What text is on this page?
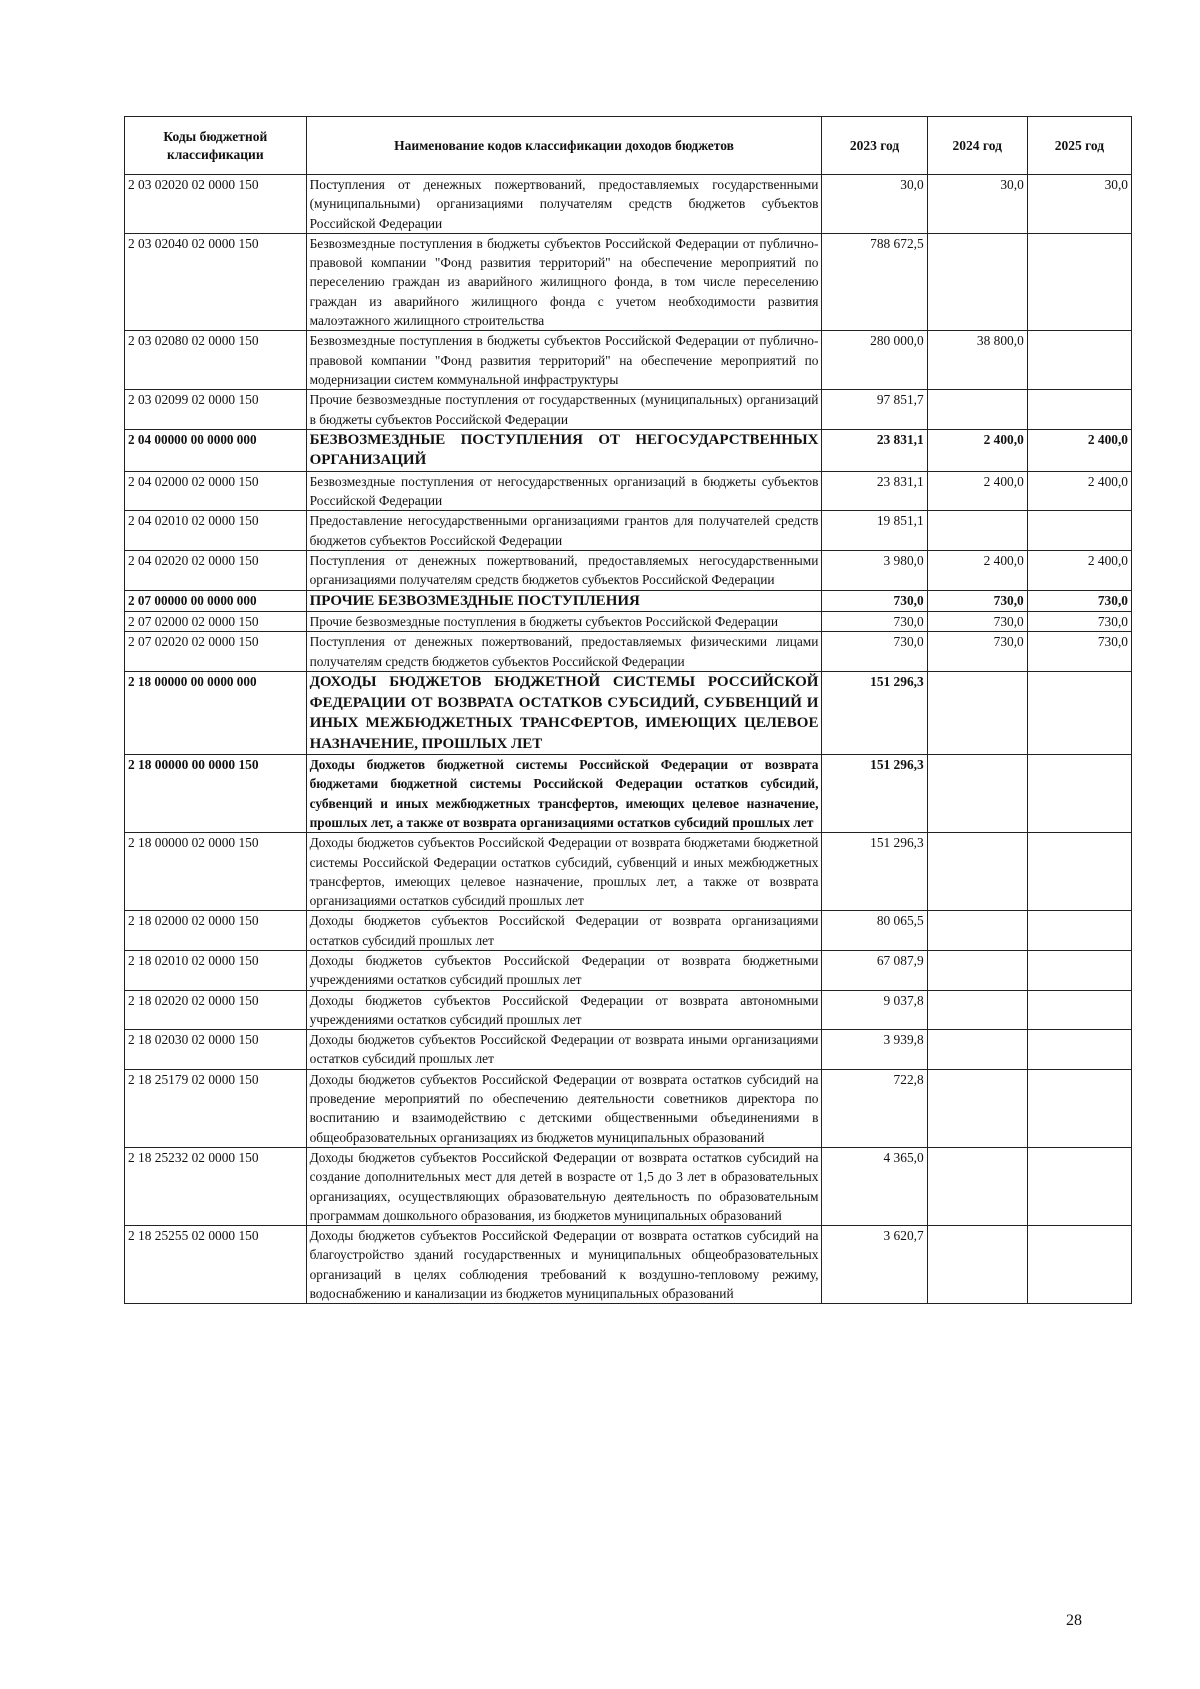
Коды бюджетной классификации	Наименование кодов классификации доходов бюджетов	2023 год	2024 год	2025 год
2 03 02020 02 0000 150	Поступления от денежных пожертвований, предоставляемых государственными (муниципальными) организациями получателям средств бюджетов субъектов Российской Федерации	30,0	30,0	30,0
2 03 02040 02 0000 150	Безвозмездные поступления в бюджеты субъектов Российской Федерации от публично-правовой компании "Фонд развития территорий" на обеспечение мероприятий по переселению граждан из аварийного жилищного фонда, в том числе переселению граждан из аварийного жилищного фонда с учетом необходимости развития малоэтажного жилищного строительства	788 672,5		
2 03 02080 02 0000 150	Безвозмездные поступления в бюджеты субъектов Российской Федерации от публично-правовой компании "Фонд развития территорий" на обеспечение мероприятий по модернизации систем коммунальной инфраструктуры	280 000,0	38 800,0	
2 03 02099 02 0000 150	Прочие безвозмездные поступления от государственных (муниципальных) организаций в бюджеты субъектов Российской Федерации	97 851,7		
2 04 00000 00 0000 000	БЕЗВОЗМЕЗДНЫЕ ПОСТУПЛЕНИЯ ОТ НЕГОСУДАРСТВЕННЫХ ОРГАНИЗАЦИЙ	23 831,1	2 400,0	2 400,0
2 04 02000 02 0000 150	Безвозмездные поступления от негосударственных организаций в бюджеты субъектов Российской Федерации	23 831,1	2 400,0	2 400,0
2 04 02010 02 0000 150	Предоставление негосударственными организациями грантов для получателей средств бюджетов субъектов Российской Федерации	19 851,1		
2 04 02020 02 0000 150	Поступления от денежных пожертвований, предоставляемых негосударственными организациями получателям средств бюджетов субъектов Российской Федерации	3 980,0	2 400,0	2 400,0
2 07 00000 00 0000 000	ПРОЧИЕ БЕЗВОЗМЕЗДНЫЕ ПОСТУПЛЕНИЯ	730,0	730,0	730,0
2 07 02000 02 0000 150	Прочие безвозмездные поступления в бюджеты субъектов Российской Федерации	730,0	730,0	730,0
2 07 02020 02 0000 150	Поступления от денежных пожертвований, предоставляемых физическими лицами получателям средств бюджетов субъектов Российской Федерации	730,0	730,0	730,0
2 18 00000 00 0000 000	ДОХОДЫ БЮДЖЕТОВ БЮДЖЕТНОЙ СИСТЕМЫ РОССИЙСКОЙ ФЕДЕРАЦИИ ОТ ВОЗВРАТА ОСТАТКОВ СУБСИДИЙ, СУБВЕНЦИЙ И ИНЫХ МЕЖБЮДЖЕТНЫХ ТРАНСФЕРТОВ, ИМЕЮЩИХ ЦЕЛЕВОЕ НАЗНАЧЕНИЕ, ПРОШЛЫХ ЛЕТ	151 296,3		
2 18 00000 00 0000 150	Доходы бюджетов бюджетной системы Российской Федерации от возврата бюджетами бюджетной системы Российской Федерации остатков субсидий, субвенций и иных межбюджетных трансфертов, имеющих целевое назначение, прошлых лет, а также от возврата организациями остатков субсидий прошлых лет	151 296,3		
2 18 00000 02 0000 150	Доходы бюджетов субъектов Российской Федерации от возврата бюджетами бюджетной системы Российской Федерации остатков субсидий, субвенций и иных межбюджетных трансфертов, имеющих целевое назначение, прошлых лет, а также от возврата организациями остатков субсидий прошлых лет	151 296,3		
2 18 02000 02 0000 150	Доходы бюджетов субъектов Российской Федерации от возврата организациями остатков субсидий прошлых лет	80 065,5		
2 18 02010 02 0000 150	Доходы бюджетов субъектов Российской Федерации от возврата бюджетными учреждениями остатков субсидий прошлых лет	67 087,9		
2 18 02020 02 0000 150	Доходы бюджетов субъектов Российской Федерации от возврата автономными учреждениями остатков субсидий прошлых лет	9 037,8		
2 18 02030 02 0000 150	Доходы бюджетов субъектов Российской Федерации от возврата иными организациями остатков субсидий прошлых лет	3 939,8		
2 18 25179 02 0000 150	Доходы бюджетов субъектов Российской Федерации от возврата остатков субсидий на проведение мероприятий по обеспечению деятельности советников директора по воспитанию и взаимодействию с детскими общественными объединениями в общеобразовательных организациях из бюджетов муниципальных образований	722,8		
2 18 25232 02 0000 150	Доходы бюджетов субъектов Российской Федерации от возврата остатков субсидий на создание дополнительных мест для детей в возрасте от 1,5 до 3 лет в образовательных организациях, осуществляющих образовательную деятельность по образовательным программам дошкольного образования, из бюджетов муниципальных образований	4 365,0		
2 18 25255 02 0000 150	Доходы бюджетов субъектов Российской Федерации от возврата остатков субсидий на благоустройство зданий государственных и муниципальных общеобразовательных организаций в целях соблюдения требований к воздушно-тепловому режиму, водоснабжению и канализации из бюджетов муниципальных образований	3 620,7		
28
